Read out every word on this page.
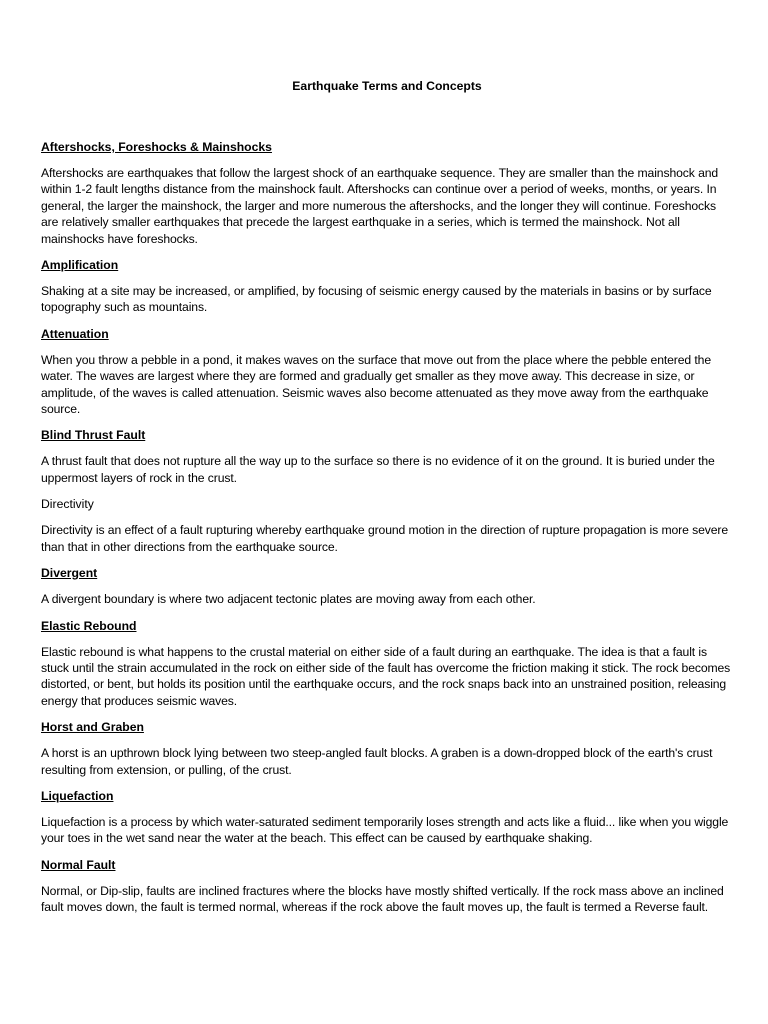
Earthquake Terms and Concepts
Aftershocks, Foreshocks & Mainshocks
Aftershocks are earthquakes that follow the largest shock of an earthquake sequence. They are smaller than the mainshock and within 1-2 fault lengths distance from the mainshock fault. Aftershocks can continue over a period of weeks, months, or years. In general, the larger the mainshock, the larger and more numerous the aftershocks, and the longer they will continue. Foreshocks are relatively smaller earthquakes that precede the largest earthquake in a series, which is termed the mainshock. Not all mainshocks have foreshocks.
Amplification
Shaking at a site may be increased, or amplified, by focusing of seismic energy caused by the materials in basins or by surface topography such as mountains.
Attenuation
When you throw a pebble in a pond, it makes waves on the surface that move out from the place where the pebble entered the water. The waves are largest where they are formed and gradually get smaller as they move away. This decrease in size, or amplitude, of the waves is called attenuation. Seismic waves also become attenuated as they move away from the earthquake source.
Blind Thrust Fault
A thrust fault that does not rupture all the way up to the surface so there is no evidence of it on the ground. It is buried under the uppermost layers of rock in the crust.
Directivity
Directivity is an effect of a fault rupturing whereby earthquake ground motion in the direction of rupture propagation is more severe than that in other directions from the earthquake source.
Divergent
A divergent boundary is where two adjacent tectonic plates are moving away from each other.
Elastic Rebound
Elastic rebound is what happens to the crustal material on either side of a fault during an earthquake. The idea is that a fault is stuck until the strain accumulated in the rock on either side of the fault has overcome the friction making it stick. The rock becomes distorted, or bent, but holds its position until the earthquake occurs, and the rock snaps back into an unstrained position, releasing energy that produces seismic waves.
Horst and Graben
A horst is an upthrown block lying between two steep-angled fault blocks. A graben is a down-dropped block of the earth's crust resulting from extension, or pulling, of the crust.
Liquefaction
Liquefaction is a process by which water-saturated sediment temporarily loses strength and acts like a fluid... like when you wiggle your toes in the wet sand near the water at the beach. This effect can be caused by earthquake shaking.
Normal Fault
Normal, or Dip-slip, faults are inclined fractures where the blocks have mostly shifted vertically. If the rock mass above an inclined fault moves down, the fault is termed normal, whereas if the rock above the fault moves up, the fault is termed a Reverse fault.
